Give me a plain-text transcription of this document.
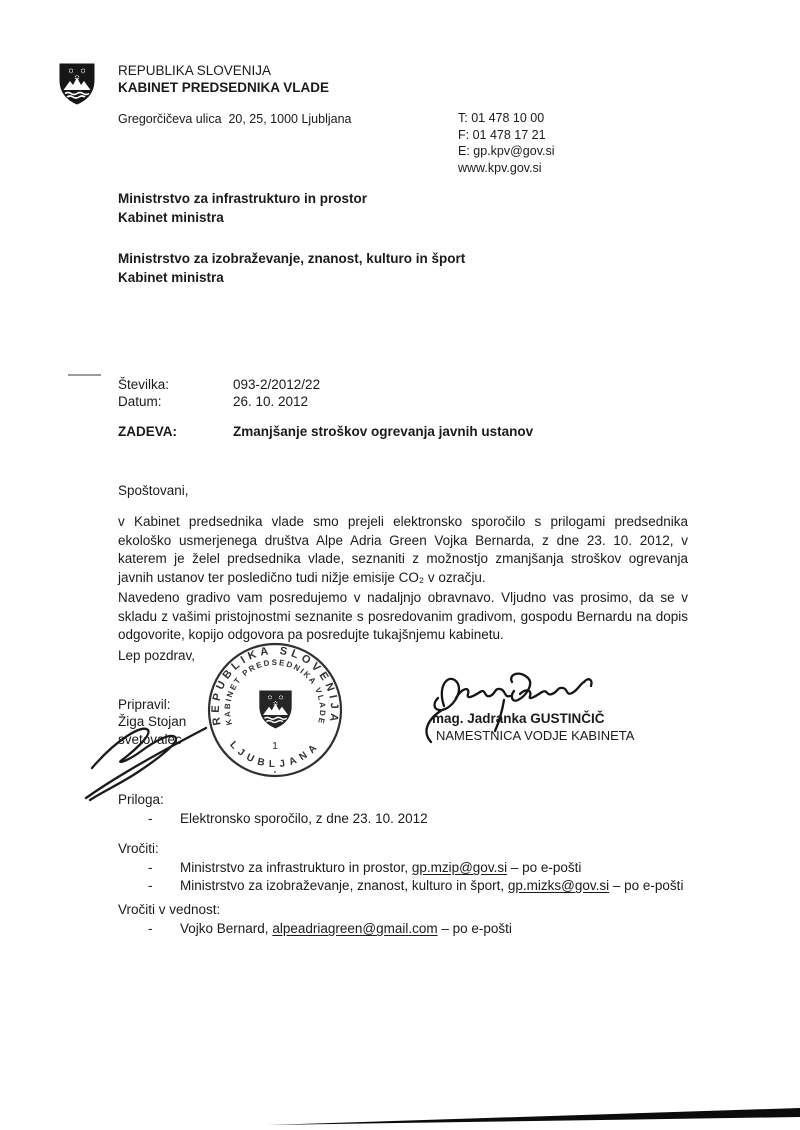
REPUBLIKA SLOVENIJA
KABINET PREDSEDNIKA VLADE
Gregorčičeva ulica  20, 25, 1000 Ljubljana	T: 01 478 10 00
F: 01 478 17 21
E: gp.kpv@gov.si
www.kpv.gov.si
Ministrstvo za infrastrukturo in prostor
Kabinet ministra
Ministrstvo za izobraževanje, znanost, kulturo in šport
Kabinet ministra
Številka:	093-2/2012/22
Datum:	26. 10. 2012
ZADEVA:	Zmanjšanje stroškov ogrevanja javnih ustanov
Spoštovani,
v Kabinet predsednika vlade smo prejeli elektronsko sporočilo s prilogami predsednika ekološko usmerjenega društva Alpe Adria Green Vojka Bernarda, z dne 23. 10. 2012, v katerem je želel predsednika vlade, seznaniti z možnostjo zmanjšanja stroškov ogrevanja javnih ustanov ter posledično tudi nižje emisije CO₂ v ozračju.
Navedeno gradivo vam posredujemo v nadaljnjo obravnavo. Vljudno vas prosimo, da se v skladu z vašimi pristojnostmi seznanite s posredovanim gradivom, gospodu Bernardu na dopis odgovorite, kopijo odgovora pa posredujte tukajšnjemu kabinetu.
Lep pozdrav,
REPUBLIKA SLOVENIJA
KABINET PREDSEDNIKA VLADE
LJUBLJANA
1
Pripravil:
Žiga Stojan
svetovalec
mag. Jadranka GUSTINČIČ
NAMESTNICA VODJE KABINETA
Priloga:
-	Elektronsko sporočilo, z dne 23. 10. 2012
Vročiti:
-	Ministrstvo za infrastrukturo in prostor, gp.mzip@gov.si – po e-pošti
-	Ministrstvo za izobraževanje, znanost, kulturo in šport, gp.mizks@gov.si – po e-pošti
Vročiti v vednost:
-	Vojko Bernard, alpeadriagreen@gmail.com – po e-pošti
